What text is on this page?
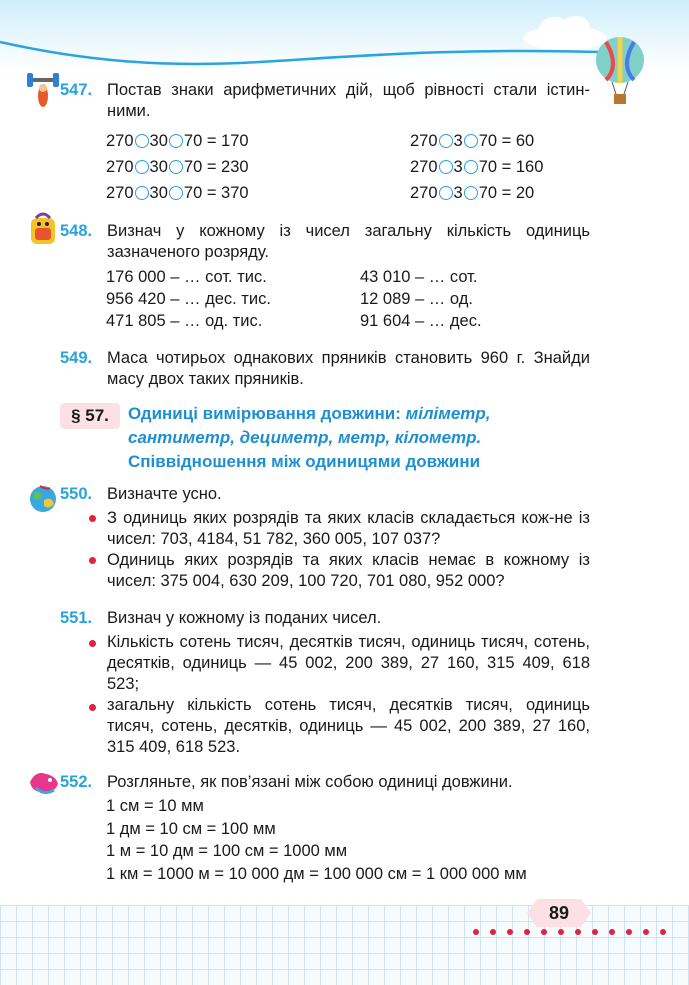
547. Постав знаки арифметичних дій, щоб рівності стали істин-ними.
270 30 70 = 170
270 30 70 = 230
270 30 70 = 370
270 3 70 = 60
270 3 70 = 160
270 3 70 = 20
548. Визнач у кожному із чисел загальну кількість одиниць зазначеного розряду.
176 000 – … сот. тис.
956 420 – … дес. тис.
471 805 – … од. тис.
43 010 – … сот.
12 089 – … од.
91 604 – … дес.
549. Маса чотирьох однакових пряників становить 960 г. Знайди масу двох таких пряників.
§ 57.	Одиниці вимірювання довжини: міліметр,
сантиметр, дециметр, метр, кілометр.
Співвідношення між одиницями довжини
550. Визначте усно.
З одиниць яких розрядів та яких класів складається кож-не із чисел: 703, 4184, 51 782, 360 005, 107 037?
Одиниць яких розрядів та яких класів немає в кожному із чисел: 375 004, 630 209, 100 720, 701 080, 952 000?
551. Визнач у кожному із поданих чисел.
Кількість сотень тисяч, десятків тисяч, одиниць тисяч, сотень, десятків, одиниць — 45 002, 200 389, 27 160, 315 409, 618 523;
загальну кількість сотень тисяч, десятків тисяч, одиниць тисяч, сотень, десятків, одиниць — 45 002, 200 389, 27 160, 315 409, 618 523.
552. Розгляньте, як пов’язані між собою одиниці довжини.
1 см = 10 мм
1 дм = 10 см = 100 мм
1 м = 10 дм = 100 см = 1000 мм
1 км = 1000 м = 10 000 дм = 100 000 см = 1 000 000 мм
89
